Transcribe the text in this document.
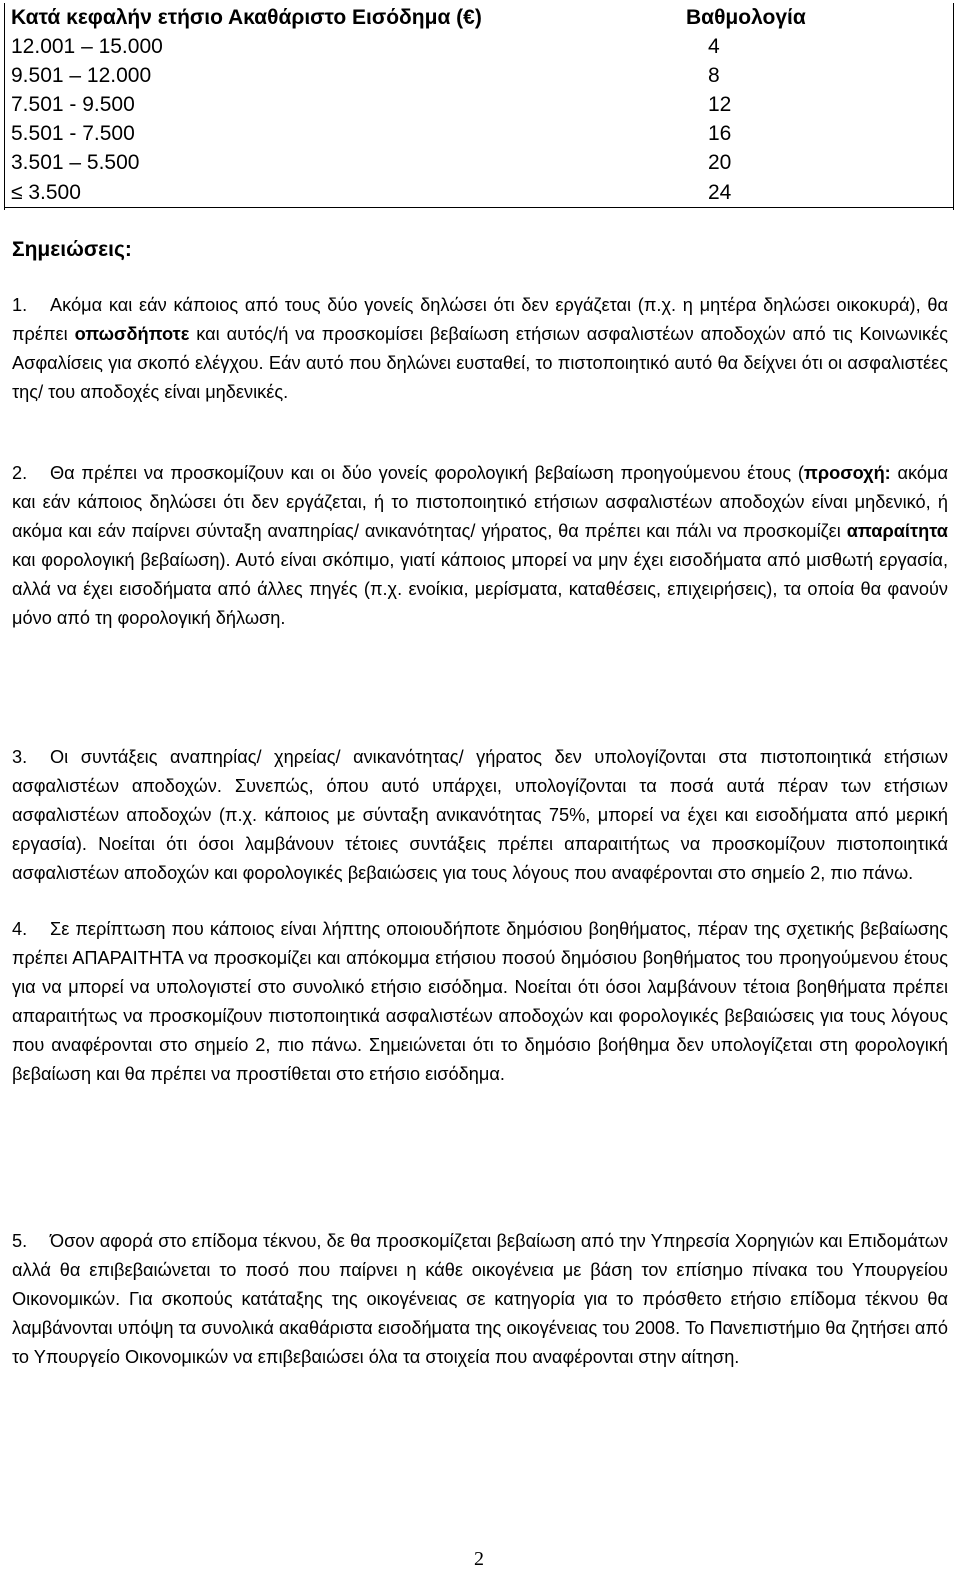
Κατά κεφαλήν ετήσιο Ακαθάριστο Εισόδημα (€)	Βαθμολογία
12.001 – 15.000	4
9.501 – 12.000	8
7.501 - 9.500	12
5.501 - 7.500	16
3.501 – 5.500	20
≤ 3.500	24
Σημειώσεις:
1. Ακόμα και εάν κάποιος από τους δύο γονείς δηλώσει ότι δεν εργάζεται (π.χ. η μητέρα δηλώσει οικοκυρά), θα πρέπει οπωσδήποτε και αυτός/ή να προσκομίσει βεβαίωση ετήσιων ασφαλιστέων αποδοχών από τις Κοινωνικές Ασφαλίσεις για σκοπό ελέγχου. Εάν αυτό που δηλώνει ευσταθεί, το πιστοποιητικό αυτό θα δείχνει ότι οι ασφαλιστέες της/ του αποδοχές είναι μηδενικές.
2. Θα πρέπει να προσκομίζουν και οι δύο γονείς φορολογική βεβαίωση προηγούμενου έτους (προσοχή: ακόμα και εάν κάποιος δηλώσει ότι δεν εργάζεται, ή το πιστοποιητικό ετήσιων ασφαλιστέων αποδοχών είναι μηδενικό, ή ακόμα και εάν παίρνει σύνταξη αναπηρίας/ ανικανότητας/ γήρατος, θα πρέπει και πάλι να προσκομίζει απαραίτητα και φορολογική βεβαίωση). Αυτό είναι σκόπιμο, γιατί κάποιος μπορεί να μην έχει εισοδήματα από μισθωτή εργασία, αλλά να έχει εισοδήματα από άλλες πηγές (π.χ. ενοίκια, μερίσματα, καταθέσεις, επιχειρήσεις), τα οποία θα φανούν μόνο από τη φορολογική δήλωση.
3. Οι συντάξεις αναπηρίας/ χηρείας/ ανικανότητας/ γήρατος δεν υπολογίζονται στα πιστοποιητικά ετήσιων ασφαλιστέων αποδοχών. Συνεπώς, όπου αυτό υπάρχει, υπολογίζονται τα ποσά αυτά πέραν των ετήσιων ασφαλιστέων αποδοχών (π.χ. κάποιος με σύνταξη ανικανότητας 75%, μπορεί να έχει και εισοδήματα από μερική εργασία). Νοείται ότι όσοι λαμβάνουν τέτοιες συντάξεις πρέπει απαραιτήτως να προσκομίζουν πιστοποιητικά ασφαλιστέων αποδοχών και φορολογικές βεβαιώσεις για τους λόγους που αναφέρονται στο σημείο 2, πιο πάνω.
4. Σε περίπτωση που κάποιος είναι λήπτης οποιουδήποτε δημόσιου βοηθήματος, πέραν της σχετικής βεβαίωσης πρέπει ΑΠΑΡΑΙΤΗΤΑ να προσκομίζει και απόκομμα ετήσιου ποσού δημόσιου βοηθήματος του προηγούμενου έτους για να μπορεί να υπολογιστεί στο συνολικό ετήσιο εισόδημα. Νοείται ότι όσοι λαμβάνουν τέτοια βοηθήματα πρέπει απαραιτήτως να προσκομίζουν πιστοποιητικά ασφαλιστέων αποδοχών και φορολογικές βεβαιώσεις για τους λόγους που αναφέρονται στο σημείο 2, πιο πάνω. Σημειώνεται ότι το δημόσιο βοήθημα δεν υπολογίζεται στη φορολογική βεβαίωση και θα πρέπει να προστίθεται στο ετήσιο εισόδημα.
5. Όσον αφορά στο επίδομα τέκνου, δε θα προσκομίζεται βεβαίωση από την Υπηρεσία Χορηγιών και Επιδομάτων αλλά θα επιβεβαιώνεται το ποσό που παίρνει η κάθε οικογένεια με βάση τον επίσημο πίνακα του Υπουργείου Οικονομικών. Για σκοπούς κατάταξης της οικογένειας σε κατηγορία για το πρόσθετο ετήσιο επίδομα τέκνου θα λαμβάνονται υπόψη τα συνολικά ακαθάριστα εισοδήματα της οικογένειας του 2008. Το Πανεπιστήμιο θα ζητήσει από το Υπουργείο Οικονομικών να επιβεβαιώσει όλα τα στοιχεία που αναφέρονται στην αίτηση.
2
